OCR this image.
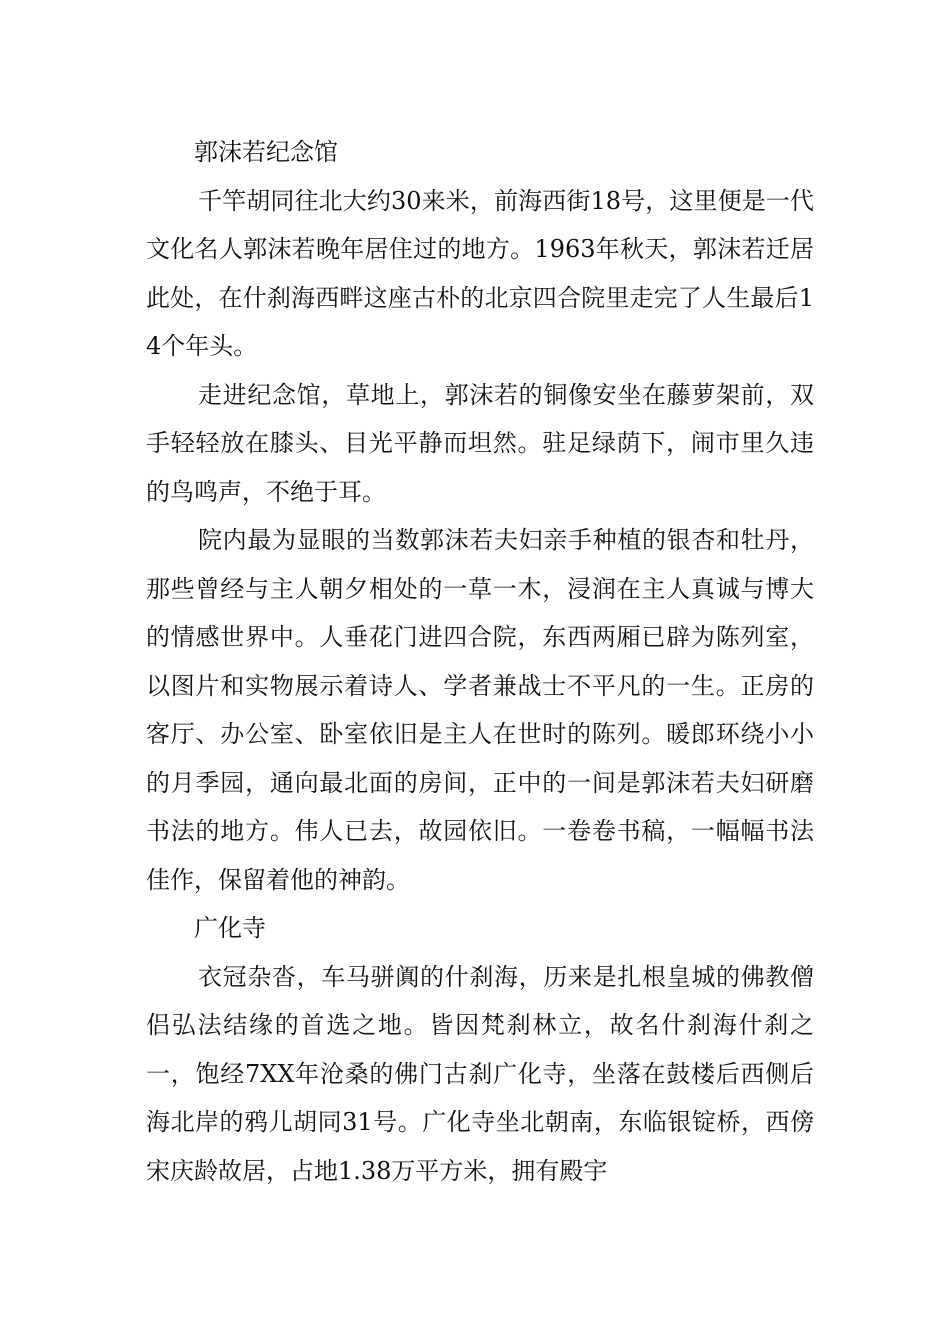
郭沫若纪念馆

千竿胡同往北大约30来米，前海西街18号，这里便是一代文化名人郭沫若晚年居住过的地方。1963年秋天，郭沫若迁居此处，在什刹海西畔这座古朴的北京四合院里走完了人生最后14个年头。

走进纪念馆，草地上，郭沫若的铜像安坐在藤萝架前，双手轻轻放在膝头、目光平静而坦然。驻足绿荫下，闹市里久违的鸟鸣声，不绝于耳。

院内最为显眼的当数郭沫若夫妇亲手种植的银杏和牡丹，那些曾经与主人朝夕相处的一草一木，浸润在主人真诚与博大的情感世界中。人垂花门进四合院，东西两厢已辟为陈列室，以图片和实物展示着诗人、学者兼战士不平凡的一生。正房的客厅、办公室、卧室依旧是主人在世时的陈列。暖郎环绕小小的月季园，通向最北面的房间，正中的一间是郭沫若夫妇研磨书法的地方。伟人已去，故园依旧。一卷卷书稿，一幅幅书法佳作，保留着他的神韵。

广化寺

衣冠杂沓，车马骈阗的什刹海，历来是扎根皇城的佛教僧侣弘法结缘的首选之地。皆因梵刹林立，故名什刹海什刹之一，饱经7XX年沧桑的佛门古刹广化寺，坐落在鼓楼后西侧后海北岸的鸦儿胡同31号。广化寺坐北朝南，东临银锭桥，西傍宋庆龄故居，占地1.38万平方米，拥有殿宇
